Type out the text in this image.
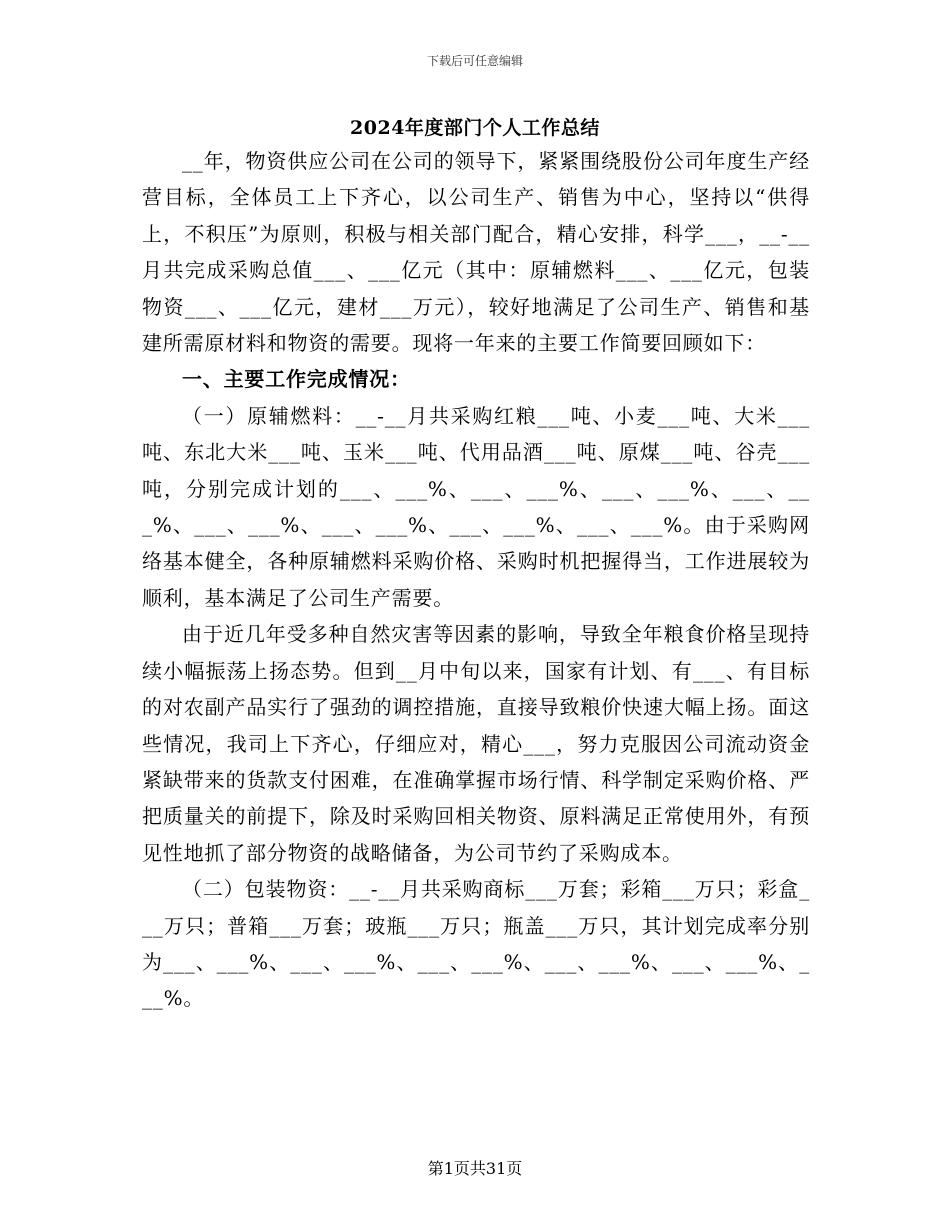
下载后可任意编辑
2024年度部门个人工作总结

__年，物资供应公司在公司的领导下，紧紧围绕股份公司年度生产经营目标，全体员工上下齐心，以公司生产、销售为中心，坚持以“供得上，不积压”为原则，积极与相关部门配合，精心安排，科学___，__-__月共完成采购总值___、___亿元（其中：原辅燃料___、___亿元，包装物资___、___亿元，建材___万元），较好地满足了公司生产、销售和基建所需原材料和物资的需要。现将一年来的主要工作简要回顾如下：

一、主要工作完成情况：

（一）原辅燃料：__-__月共采购红粮___吨、小麦___吨、大米___吨、东北大米___吨、玉米___吨、代用品酒___吨、原煤___吨、谷壳___吨，分别完成计划的___、___%、___、___%、___、___%、___、___%、___、___%、___、___%、___、___%、___、___%。由于采购网络基本健全，各种原辅燃料采购价格、采购时机把握得当，工作进展较为顺利，基本满足了公司生产需要。

由于近几年受多种自然灾害等因素的影响，导致全年粮食价格呈现持续小幅振荡上扬态势。但到__月中旬以来，国家有计划、有___、有目标的对农副产品实行了强劲的调控措施，直接导致粮价快速大幅上扬。面这些情况，我司上下齐心，仔细应对，精心___，努力克服因公司流动资金紧缺带来的货款支付困难，在准确掌握市场行情、科学制定采购价格、严把质量关的前提下，除及时采购回相关物资、原料满足正常使用外，有预见性地抓了部分物资的战略储备，为公司节约了采购成本。

（二）包装物资：__-__月共采购商标___万套；彩箱___万只；彩盒___万只；普箱___万套；玻瓶___万只；瓶盖___万只，其计划完成率分别为___、___%、___、___%、___、___%、___、___%、___、___%、___%。

第1页共31页
